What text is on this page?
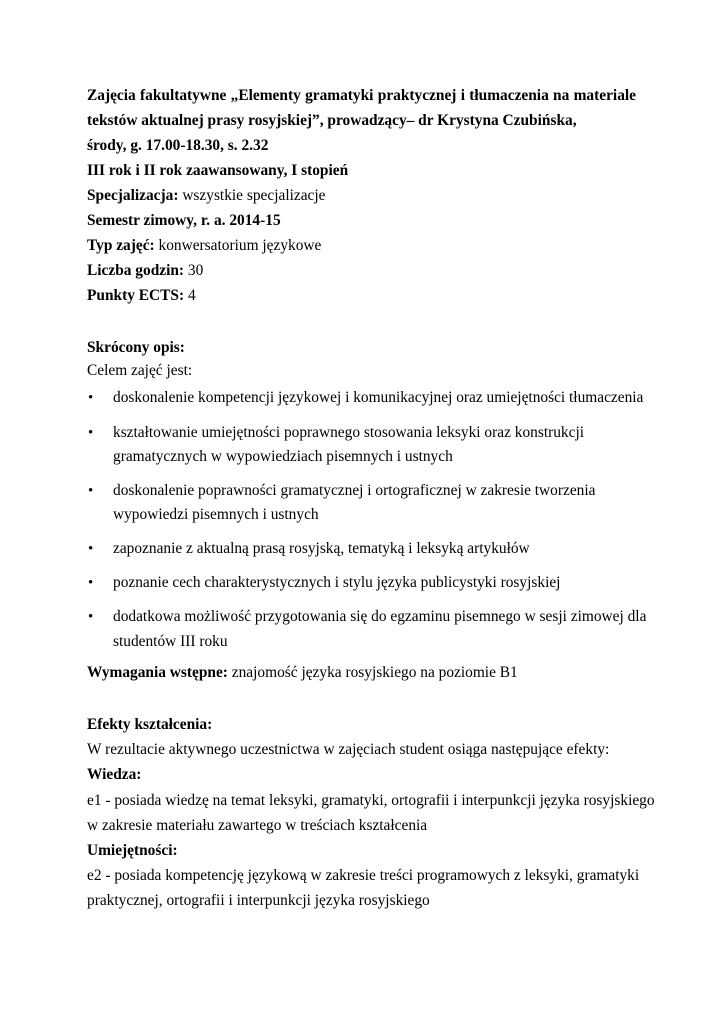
Zajęcia fakultatywne „Elementy gramatyki praktycznej i tłumaczenia na materiale
tekstów aktualnej prasy rosyjskiej”, prowadzący– dr Krystyna Czubińska,
środy, g. 17.00-18.30, s. 2.32
III rok i II rok zaawansowany, I stopień
Specjalizacja: wszystkie specjalizacje
Semestr zimowy, r. a. 2014-15
Typ zajęć: konwersatorium językowe
Liczba godzin: 30
Punkty ECTS: 4
Skrócony opis:
Celem zajęć jest:
• doskonalenie kompetencji językowej i komunikacyjnej oraz umiejętności tłumaczenia
• kształtowanie umiejętności poprawnego stosowania leksyki oraz konstrukcji
gramatycznych w wypowiedziach pisemnych i ustnych
• doskonalenie poprawności gramatycznej i ortograficznej w zakresie tworzenia
wypowiedzi pisemnych i ustnych
• zapoznanie z aktualną prasą rosyjską, tematyką i leksyką artykułów
• poznanie cech charakterystycznych i stylu języka publicystyki rosyjskiej
• dodatkowa możliwość przygotowania się do egzaminu pisemnego w sesji zimowej dla
studentów III roku
Wymagania wstępne: znajomość języka rosyjskiego na poziomie B1
Efekty kształcenia:
W rezultacie aktywnego uczestnictwa w zajęciach student osiąga następujące efekty:
Wiedza:
e1 - posiada wiedzę na temat leksyki, gramatyki, ortografii i interpunkcji języka rosyjskiego
w zakresie materiału zawartego w treściach kształcenia
Umiejętności:
e2 - posiada kompetencję językową w zakresie treści programowych z leksyki, gramatyki
praktycznej, ortografii i interpunkcji języka rosyjskiego
